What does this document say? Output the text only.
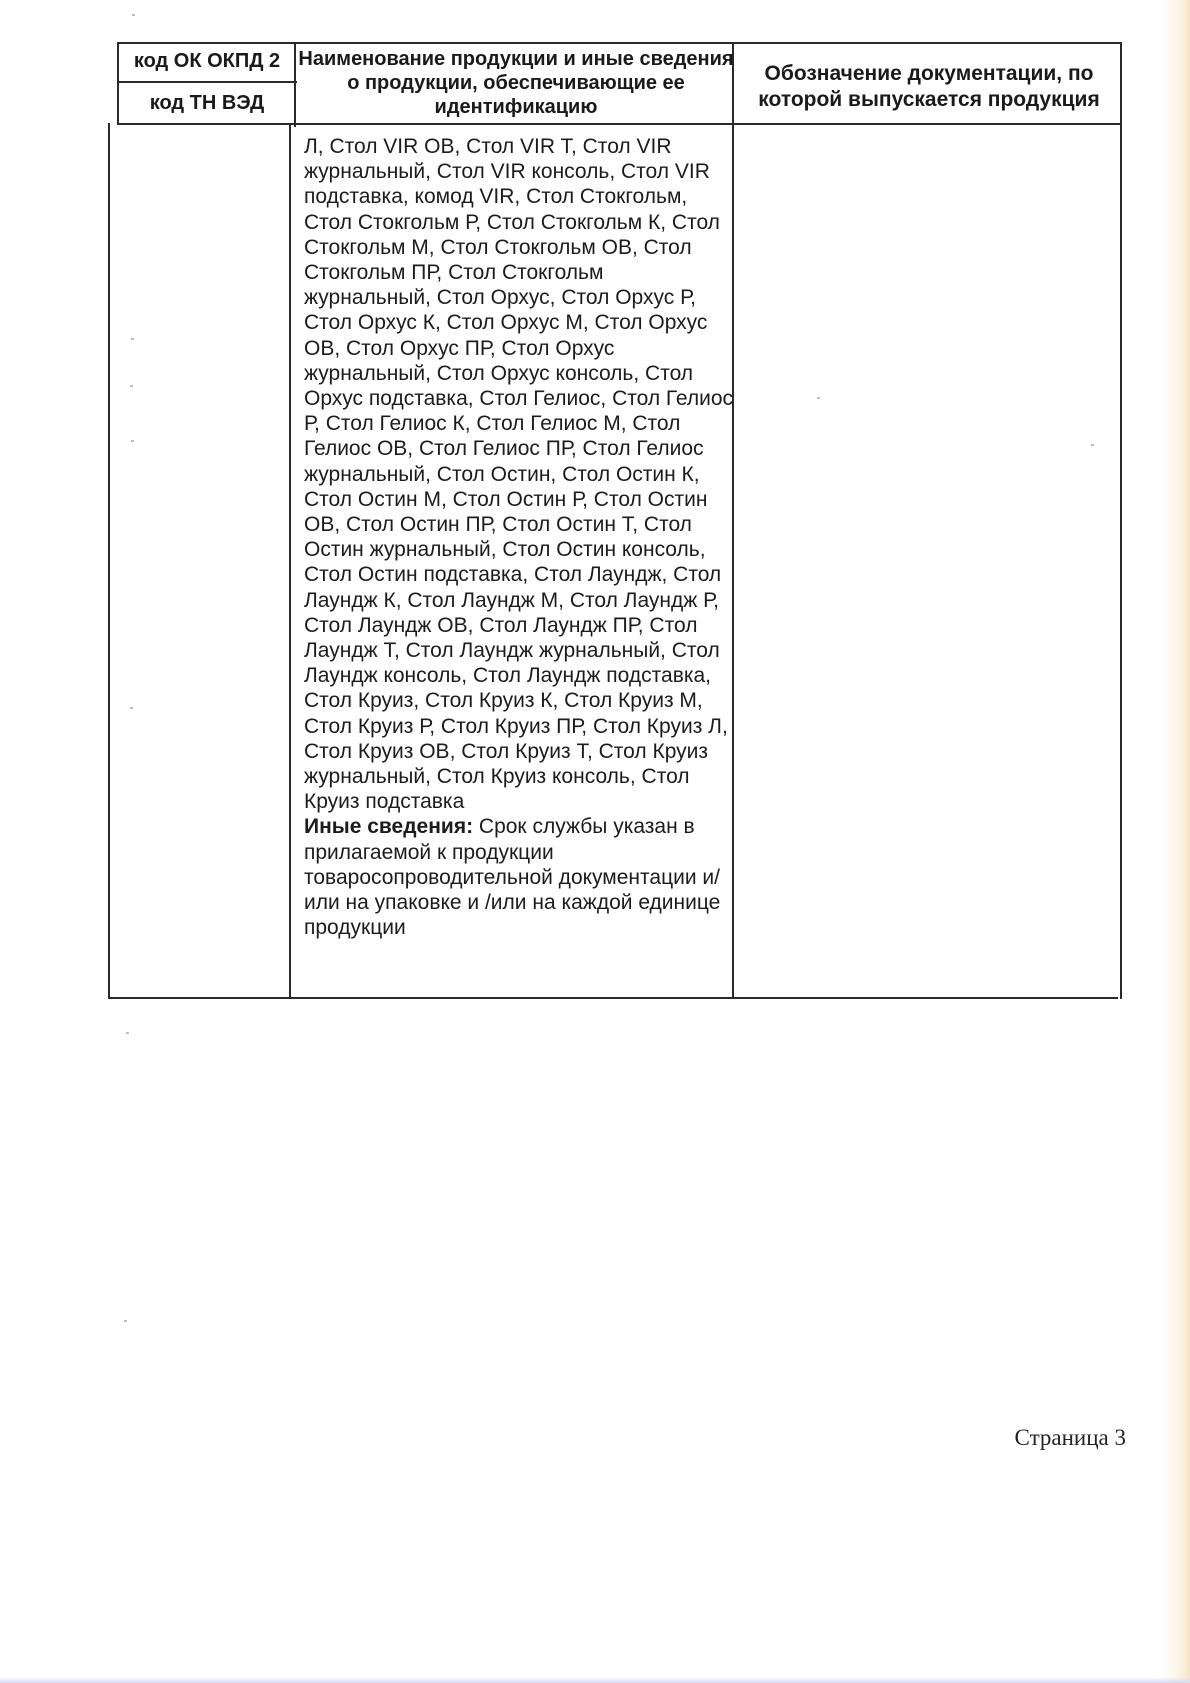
код ОК ОКПД 2
код ТН ВЭД
Наименование продукции и иные сведения о продукции, обеспечивающие ее идентификацию
Обозначение документации, по которой выпускается продукция

Л, Стол VIR OB, Стол VIR T, Стол VIR журнальный, Стол VIR консоль, Стол VIR подставка, комод VIR, Стол Стокгольм, Стол Стокгольм Р, Стол Стокгольм К, Стол Стокгольм М, Стол Стокгольм ОВ, Стол Стокгольм ПР, Стол Стокгольм журнальный, Стол Орхус, Стол Орхус Р, Стол Орхус К, Стол Орхус М, Стол Орхус ОВ, Стол Орхус ПР, Стол Орхус журнальный, Стол Орхус консоль, Стол Орхус подставка, Стол Гелиос, Стол Гелиос Р, Стол Гелиос К, Стол Гелиос М, Стол Гелиос ОВ, Стол Гелиос ПР, Стол Гелиос журнальный, Стол Остин, Стол Остин К, Стол Остин М, Стол Остин Р, Стол Остин ОВ, Стол Остин ПР, Стол Остин Т, Стол Остин журнальный, Стол Остин консоль, Стол Остин подставка, Стол Лаундж, Стол Лаундж К, Стол Лаундж М, Стол Лаундж Р, Стол Лаундж ОВ, Стол Лаундж ПР, Стол Лаундж Т, Стол Лаундж журнальный, Стол Лаундж консоль, Стол Лаундж подставка, Стол Круиз, Стол Круиз К, Стол Круиз М, Стол Круиз Р, Стол Круиз ПР, Стол Круиз Л, Стол Круиз ОВ, Стол Круиз Т, Стол Круиз журнальный, Стол Круиз консоль, Стол Круиз подставка

Иные сведения: Срок службы указан в прилагаемой к продукции товаросопроводительной документации и/или на упаковке и /или на каждой единице продукции

Страница 3
